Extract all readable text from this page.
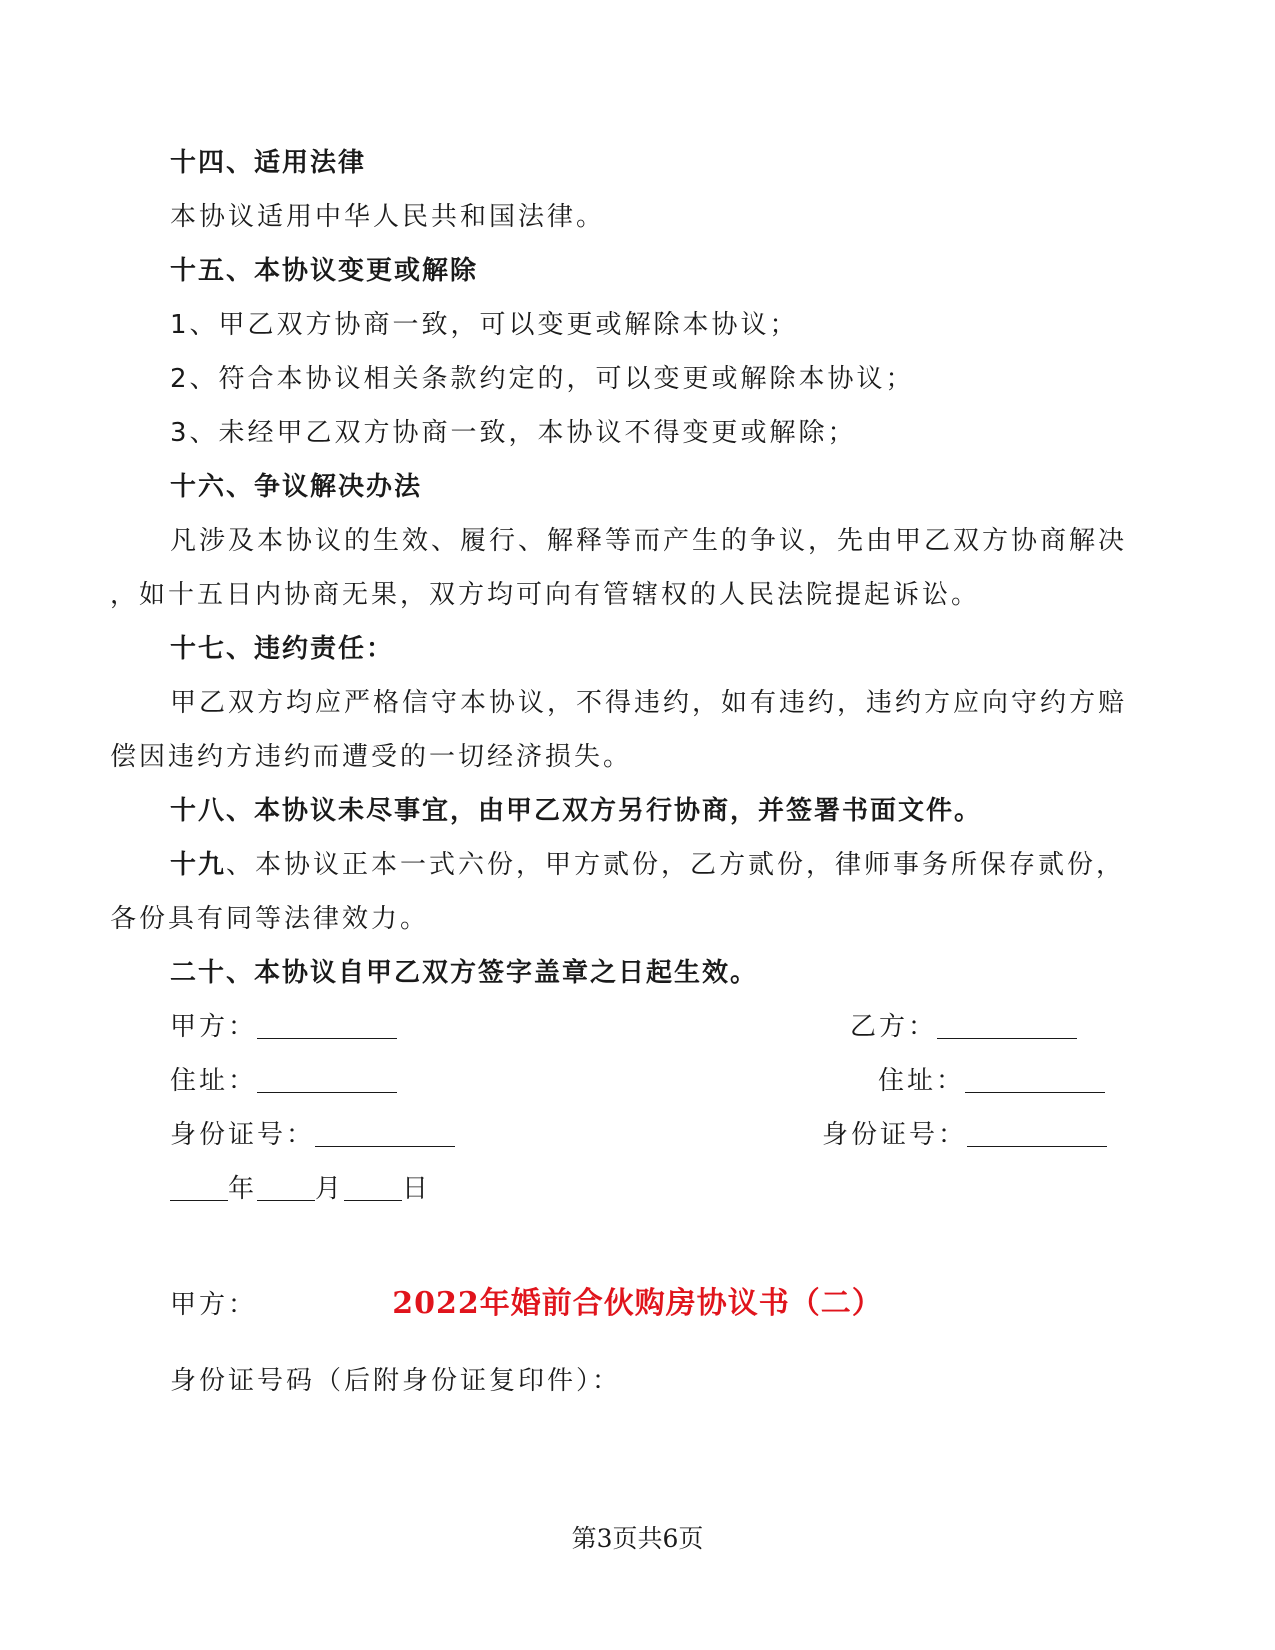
十四、适用法律
本协议适用中华人民共和国法律。
十五、本协议变更或解除
1、甲乙双方协商一致，可以变更或解除本协议；
2、符合本协议相关条款约定的，可以变更或解除本协议；
3、未经甲乙双方协商一致，本协议不得变更或解除；
十六、争议解决办法
凡涉及本协议的生效、履行、解释等而产生的争议，先由甲乙双方协商解决
，如十五日内协商无果，双方均可向有管辖权的人民法院提起诉讼。
十七、违约责任：
甲乙双方均应严格信守本协议，不得违约，如有违约，违约方应向守约方赔
偿因违约方违约而遭受的一切经济损失。
十八、本协议未尽事宜，由甲乙双方另行协商，并签署书面文件。
十九、本协议正本一式六份，甲方贰份，乙方贰份，律师事务所保存贰份，
各份具有同等法律效力。
二十、本协议自甲乙双方签字盖章之日起生效。
甲方：	乙方：
住址：	住址：
身份证号：	身份证号：
年 月 日
2022年婚前合伙购房协议书（二）
甲方：
身份证号码（后附身份证复印件）：
第3页共6页
